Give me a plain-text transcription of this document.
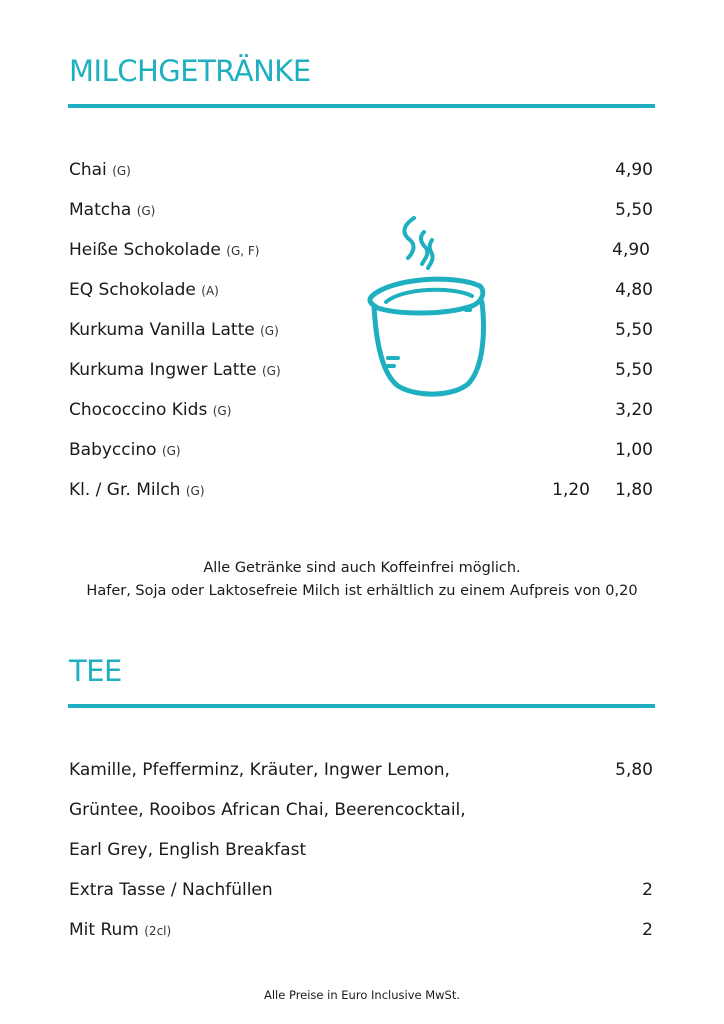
MILCHGETRÄNKE
Chai (G)	4,90
Matcha (G)	5,50
Heiße Schokolade (G, F)	4,90
EQ Schokolade (A)	4,80
Kurkuma Vanilla Latte (G)	5,50
Kurkuma Ingwer Latte (G)	5,50
Chococcino Kids (G)	3,20
Babyccino (G)	1,00
Kl. / Gr. Milch (G)	1,20 1,80
Alle Getränke sind auch Koffeinfrei möglich.
Hafer, Soja oder Laktosefreie Milch ist erhältlich zu einem Aufpreis von 0,20
TEE
Kamille, Pfefferminz, Kräuter, Ingwer Lemon,	5,80
Grüntee, Rooibos African Chai, Beerencocktail,
Earl Grey, English Breakfast
Extra Tasse / Nachfüllen	2
Mit Rum (2cl)	2
Alle Preise in Euro Inclusive MwSt.
